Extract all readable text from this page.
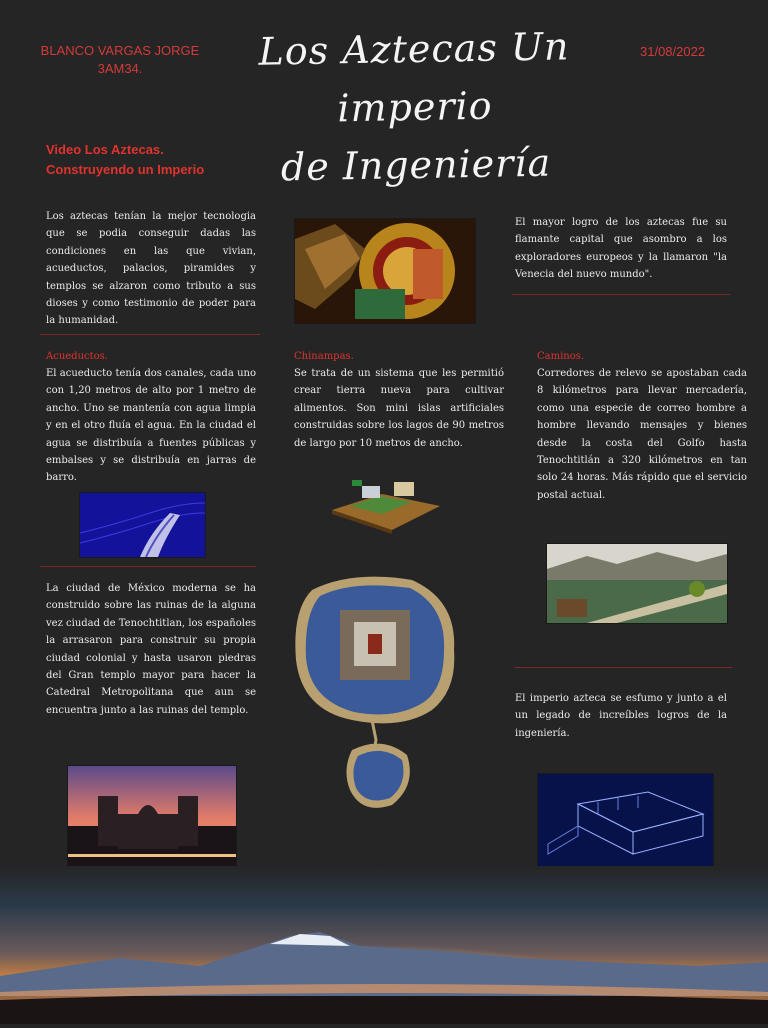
BLANCO VARGAS JORGE 3AM34.	Los Aztecas Un imperio
de Ingeniería
31/08/2022
Video Los Aztecas. Construyendo un Imperio
Los aztecas tenían la mejor tecnologia que se podia conseguir dadas las condiciones en las que vivian, acueductos, palacios, piramides y templos se alzaron como tributo a sus dioses y como testimonio de poder para la humanidad.
El mayor logro de los aztecas fue su flamante capital que asombro a los exploradores europeos y la llamaron "la Venecia del nuevo mundo".
Acueductos.
El acueducto tenía dos canales, cada uno con 1,20 metros de alto por 1 metro de ancho. Uno se mantenía con agua limpia y en el otro fluía el agua. En la ciudad el agua se distribuía a fuentes públicas y embalses y se distribuía en jarras de barro.
Chinampas.
Se trata de un sistema que les permitió crear tierra nueva para cultivar alimentos. Son mini islas artificiales construidas sobre los lagos de 90 metros de largo por 10 metros de ancho.
Caminos.
Corredores de relevo se apostaban cada 8 kilómetros para llevar mercadería, como una especie de correo hombre a hombre llevando mensajes y bienes desde la costa del Golfo hasta Tenochtitlán a 320 kilómetros en tan solo 24 horas. Más rápido que el servicio postal actual.
La ciudad de México moderna se ha construido sobre las ruinas de la alguna vez ciudad de Tenochtitlan, los españoles la arrasaron para construir su propia ciudad colonial y hasta usaron piedras del Gran templo mayor para hacer la Catedral Metropolitana que aun se encuentra junto a las ruinas del templo.
El imperio azteca se esfumo y junto a el un legado de increíbles logros de la ingeniería.
